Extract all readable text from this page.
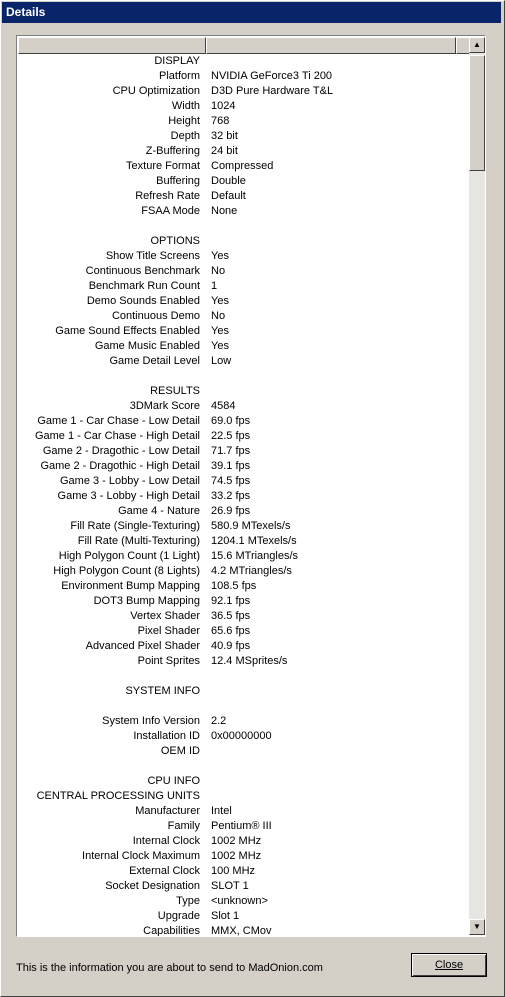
Details
DISPLAY
Platform NVIDIA GeForce3 Ti 200
CPU Optimization D3D Pure Hardware T&L
Width 1024
Height 768
Depth 32 bit
Z-Buffering 24 bit
Texture Format Compressed
Buffering Double
Refresh Rate Default
FSAA Mode None
OPTIONS
Show Title Screens Yes
Continuous Benchmark No
Benchmark Run Count 1
Demo Sounds Enabled Yes
Continuous Demo No
Game Sound Effects Enabled Yes
Game Music Enabled Yes
Game Detail Level Low
RESULTS
3DMark Score 4584
Game 1 - Car Chase - Low Detail 69.0 fps
Game 1 - Car Chase - High Detail 22.5 fps
Game 2 - Dragothic - Low Detail 71.7 fps
Game 2 - Dragothic - High Detail 39.1 fps
Game 3 - Lobby - Low Detail 74.5 fps
Game 3 - Lobby - High Detail 33.2 fps
Game 4 - Nature 26.9 fps
Fill Rate (Single-Texturing) 580.9 MTexels/s
Fill Rate (Multi-Texturing) 1204.1 MTexels/s
High Polygon Count (1 Light) 15.6 MTriangles/s
High Polygon Count (8 Lights) 4.2 MTriangles/s
Environment Bump Mapping 108.5 fps
DOT3 Bump Mapping 92.1 fps
Vertex Shader 36.5 fps
Pixel Shader 65.6 fps
Advanced Pixel Shader 40.9 fps
Point Sprites 12.4 MSprites/s
SYSTEM INFO
System Info Version 2.2
Installation ID 0x00000000
OEM ID
CPU INFO
CENTRAL PROCESSING UNITS
Manufacturer Intel
Family Pentium® III
Internal Clock 1002 MHz
Internal Clock Maximum 1002 MHz
External Clock 100 MHz
Socket Designation SLOT 1
Type <unknown>
Upgrade Slot 1
Capabilities MMX, CMov
▲
▼
This is the information you are about to send to MadOnion.com	Close
